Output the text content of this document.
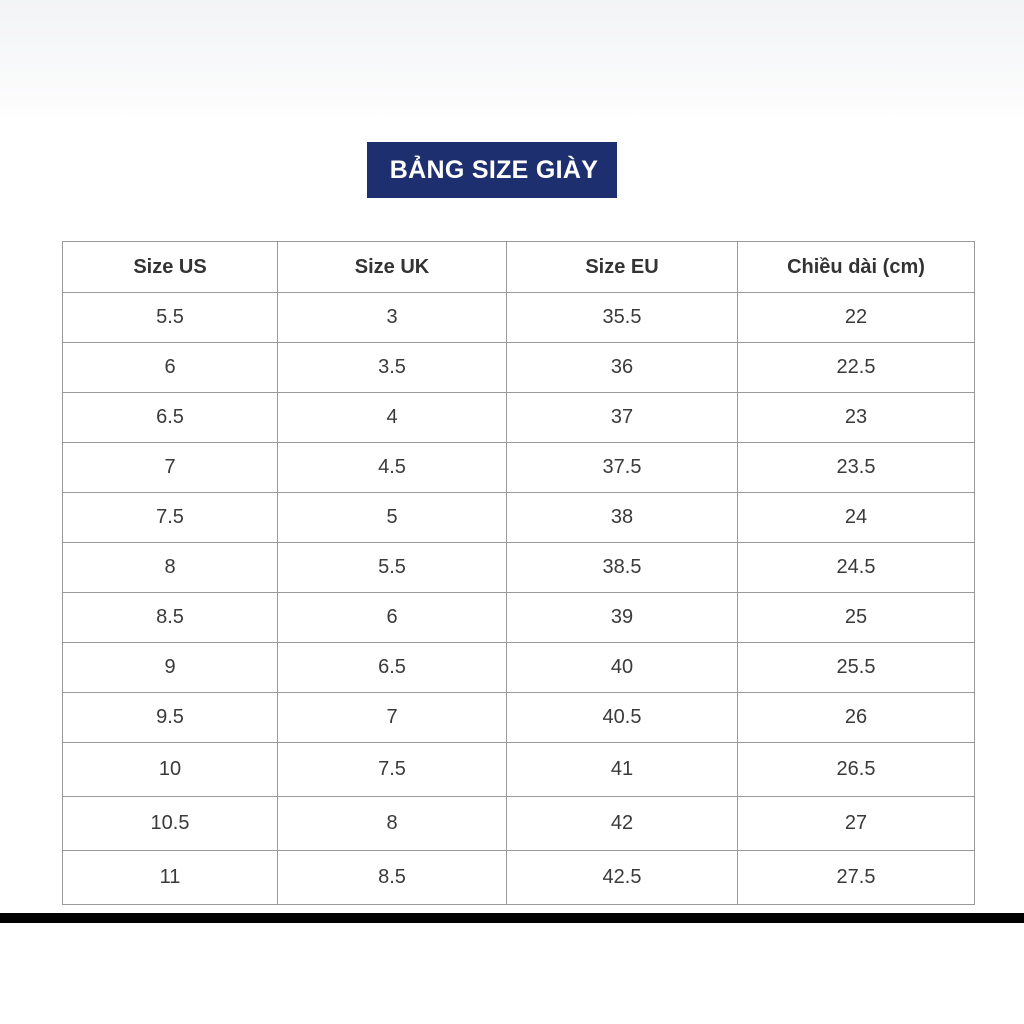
BẢNG SIZE GIÀY
Size US	Size UK	Size EU	Chiều dài (cm)
5.5	3	35.5	22
6	3.5	36	22.5
6.5	4	37	23
7	4.5	37.5	23.5
7.5	5	38	24
8	5.5	38.5	24.5
8.5	6	39	25
9	6.5	40	25.5
9.5	7	40.5	26
10	7.5	41	26.5
10.5	8	42	27
11	8.5	42.5	27.5
